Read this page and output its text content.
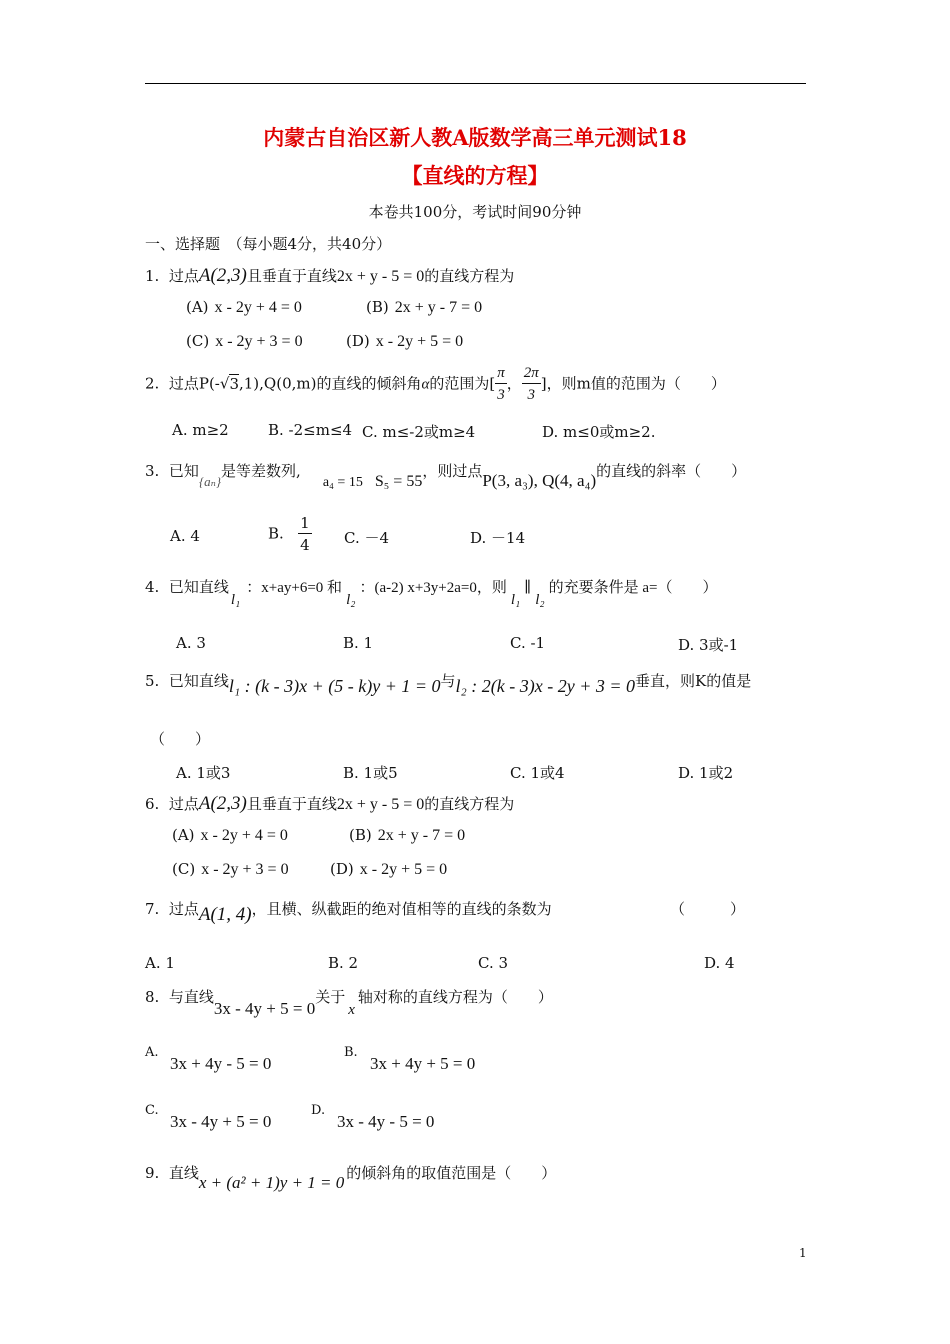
内蒙古自治区新人教A版数学高三单元测试18
【直线的方程】
本卷共100分，考试时间90分钟
一、选择题　（每小题4分，共40分）
1. 过点A(2,3)且垂直于直线2x + y - 5 = 0的直线方程为
(A) x - 2y + 4 = 0	(B) 2x + y - 7 = 0
(C) x - 2y + 3 = 0	(D) x - 2y + 5 = 0
2. 过点P(-√3,1),Q(0,m)的直线的倾斜角α的范围为[ $\frac{\pi}{3}$ ， $\frac{2\pi}{3}$ ]，则m值的范围为（　　）
A. m≥2	B. -2≤m≤4 C. m≤-2或m≥4	D. m≤0或m≥2.
3. 已知{aₙ}是等差数列,a₄ = 15 S₅ = 55，则过点P(3, a₃), Q(4, a₄)的直线的斜率（　　）
A. 4	B. $\frac{1}{4} C$. －4	D. －14
4. 已知直线l₁：x+ay+6=0 和l₂：(a-2) x+3y+2a=0，则l₁∥l₂的充要条件是 a=（　　）
A. 3	B. 1	C. -1	D. 3或-1
5. 已知直线l₁ : (k - 3)x + (5 - k)y + 1 = 0与l₂ : 2(k - 3)x - 2y + 3 = 0垂直，则K的值是
（　　）
A. 1或3	B. 1或5	C. 1或4	D. 1或2
6. 过点A(2,3)且垂直于直线2x + y - 5 = 0的直线方程为
(A) x - 2y + 4 = 0	(B) 2x + y - 7 = 0
(C) x - 2y + 3 = 0	(D) x - 2y + 5 = 0
7. 过点A(1, 4)，且横、纵截距的绝对值相等的直线的条数为	（　　　）
A. 1	B. 2	C. 3	D. 4
8. 与直线3x - 4y + 5 = 0关于x轴对称的直线方程为（　　）
A.
3x + 4y - 5 = 0
B.
3x + 4y + 5 = 0
C.
3x - 4y + 5 = 0
D.
3x - 4y - 5 = 0
9. 直线x + (a² + 1)y + 1 = 0 的倾斜角的取值范围是（　　）
1
